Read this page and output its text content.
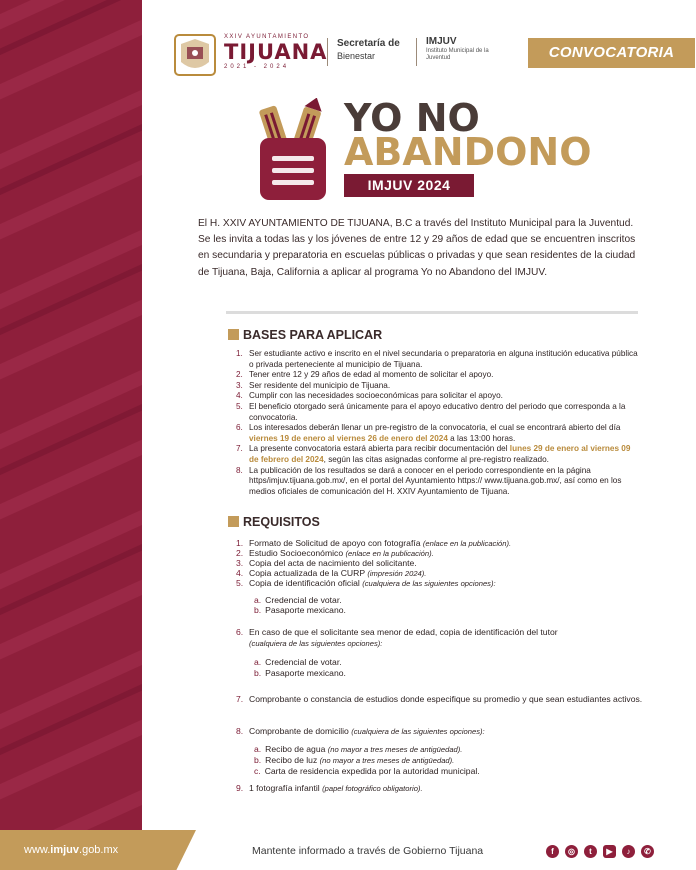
XXIV AYUNTAMIENTO
TIJUANA
2021 - 2024
Secretaría de
Bienestar
IMJUV
Instituto Municipal de la Juventud	CONVOCATORIA
YO NO
ABANDONO
IMJUV 2024
El H. XXIV AYUNTAMIENTO DE TIJUANA, B.C a través del Instituto Municipal para la Juventud. Se les invita a todas las y los jóvenes de entre 12 y 29 años de edad que se encuentren inscritos en secundaria y preparatoria en escuelas públicas o privadas y que sean residentes de la ciudad de Tijuana, Baja, California a aplicar al programa Yo no Abandono del IMJUV.
BASES PARA APLICAR
1. Ser estudiante activo e inscrito en el nivel secundaria o preparatoria en alguna institución educativa pública o privada perteneciente al municipio de Tijuana.
2. Tener entre 12 y 29 años de edad al momento de solicitar el apoyo.
3. Ser residente del municipio de Tijuana.
4. Cumplir con las necesidades socioeconómicas para solicitar el apoyo.
5. El beneficio otorgado será únicamente para el apoyo educativo dentro del periodo que corresponda a la convocatoria.
6. Los interesados deberán llenar un pre-registro de la convocatoria, el cual se encontrará abierto del día viernes 19 de enero al viernes 26 de enero del 2024 a las 13:00 horas.
7. La presente convocatoria estará abierta para recibir documentación del lunes 29 de enero al viernes 09 de febrero del 2024, según las citas asignadas conforme al pre-registro realizado.
8. La publicación de los resultados se dará a conocer en el periodo correspondiente en la página https/imjuv.tijuana.gob.mx/, en el portal del Ayuntamiento https:// www.tijuana.gob.mx/, así como en los medios oficiales de comunicación del H. XXIV Ayuntamiento de Tijuana.
REQUISITOS
1. Formato de Solicitud de apoyo con fotografía (enlace en la publicación).
2. Estudio Socioeconómico (enlace en la publicación).
3. Copia del acta de nacimiento del solicitante.
4. Copia actualizada de la CURP (impresión 2024).
5. Copia de identificación oficial (cualquiera de las siguientes opciones):
a. Credencial de votar.
b. Pasaporte mexicano.
6. En caso de que el solicitante sea menor de edad, copia de identificación del tutor
(cualquiera de las siguientes opciones):
a. Credencial de votar.
b. Pasaporte mexicano.
7. Comprobante o constancia de estudios donde especifique su promedio y que sean estudiantes activos.
8. Comprobante de domicilio (cualquiera de las siguientes opciones):
a. Recibo de agua (no mayor a tres meses de antigüedad).
b. Recibo de luz (no mayor a tres meses de antigüedad).
c. Carta de residencia expedida por la autoridad municipal.
9. 1 fotografía infantil (papel fotográfico obligatorio).
www.imjuv.gob.mx	Mantente informado a través de Gobierno Tijuana	f	◎	t	▶	♪	✆
